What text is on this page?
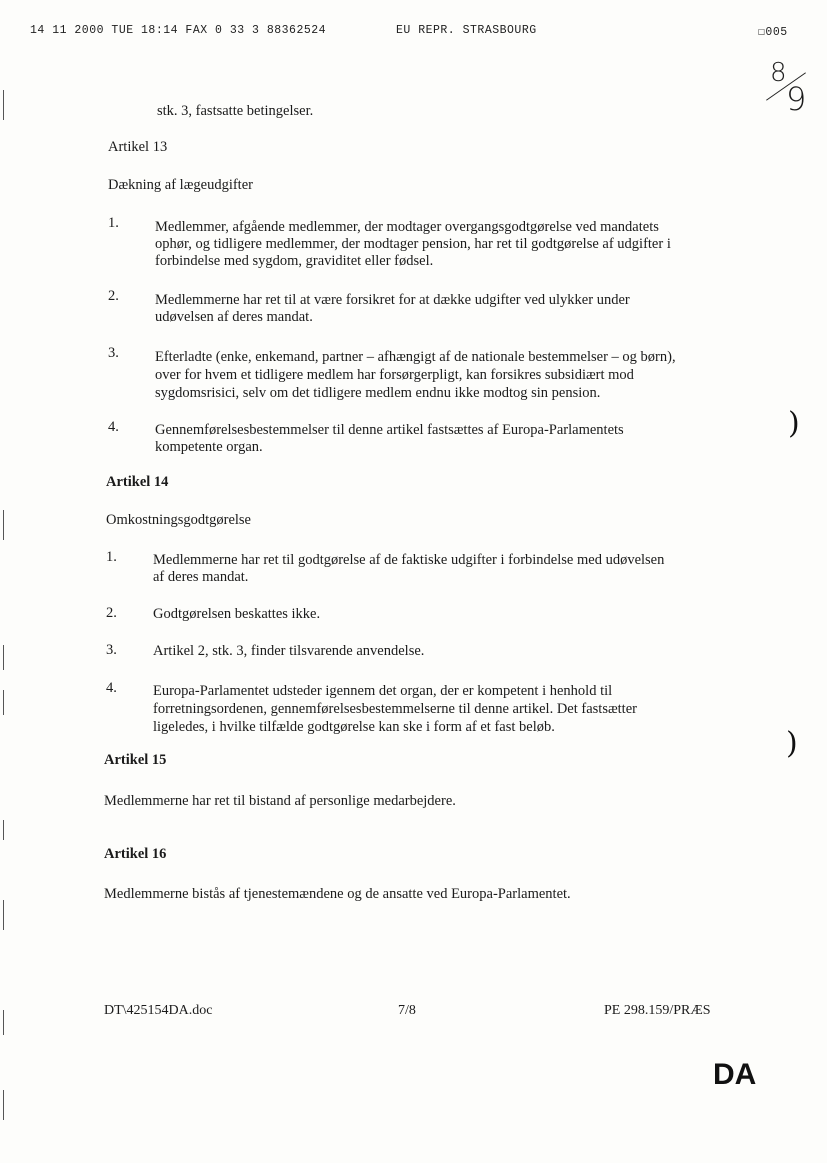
14 11 2000 TUE 18:14 FAX 0 33 3 88362524	EU REPR. STRASBOURG	☐005
8
9
)
)
stk. 3, fastsatte betingelser.
Artikel 13
Dækning af lægeudgifter
1. Medlemmer, afgående medlemmer, der modtager overgangsgodtgørelse ved mandatets
ophør, og tidligere medlemmer, der modtager pension, har ret til godtgørelse af udgifter i
forbindelse med sygdom, graviditet eller fødsel.
2. Medlemmerne har ret til at være forsikret for at dække udgifter ved ulykker under
udøvelsen af deres mandat.
3. Efterladte (enke, enkemand, partner – afhængigt af de nationale bestemmelser – og børn),
over for hvem et tidligere medlem har forsørgerpligt, kan forsikres subsidiært mod
sygdomsrisici, selv om det tidligere medlem endnu ikke modtog sin pension.
4. Gennemførelsesbestemmelser til denne artikel fastsættes af Europa-Parlamentets
kompetente organ.
Artikel 14
Omkostningsgodtgørelse
1. Medlemmerne har ret til godtgørelse af de faktiske udgifter i forbindelse med udøvelsen
af deres mandat.
2. Godtgørelsen beskattes ikke.
3. Artikel 2, stk. 3, finder tilsvarende anvendelse.
4. Europa-Parlamentet udsteder igennem det organ, der er kompetent i henhold til
forretningsordenen, gennemførelsesbestemmelserne til denne artikel. Det fastsætter
ligeledes, i hvilke tilfælde godtgørelse kan ske i form af et fast beløb.
Artikel 15
Medlemmerne har ret til bistand af personlige medarbejdere.
Artikel 16
Medlemmerne bistås af tjenestemændene og de ansatte ved Europa-Parlamentet.
DT\425154DA.doc	7/8	PE 298.159/PRÆS
DA
